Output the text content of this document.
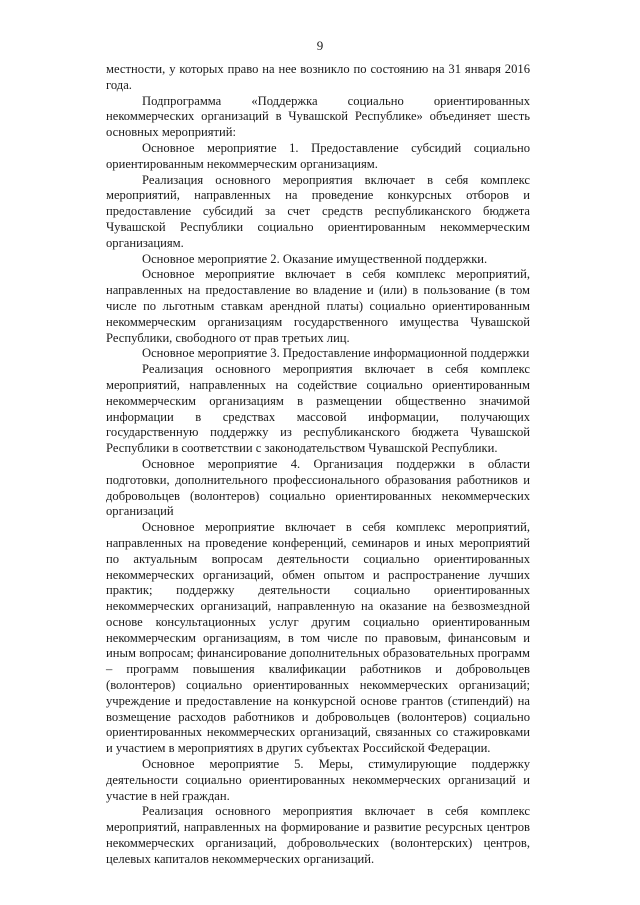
9

местности, у которых право на нее возникло по состоянию на 31 января 2016 года.

Подпрограмма «Поддержка социально ориентированных некоммерческих организаций в Чувашской Республике» объединяет шесть основных мероприятий:

Основное мероприятие 1. Предоставление субсидий социально ориентированным некоммерческим организациям.

Реализация основного мероприятия включает в себя комплекс мероприятий, направленных на проведение конкурсных отборов и предоставление субсидий за счет средств республиканского бюджета Чувашской Республики социально ориентированным некоммерческим организациям.

Основное мероприятие 2. Оказание имущественной поддержки.

Основное мероприятие включает в себя комплекс мероприятий, направленных на предоставление во владение и (или) в пользование (в том числе по льготным ставкам арендной платы) социально ориентированным некоммерческим организациям государственного имущества Чувашской Республики, свободного от прав третьих лиц.

Основное мероприятие 3. Предоставление информационной поддержки

Реализация основного мероприятия включает в себя комплекс мероприятий, направленных на содействие социально ориентированным некоммерческим организациям в размещении общественно значимой информации в средствах массовой информации, получающих государственную поддержку из республиканского бюджета Чувашской Республики в соответствии с законодательством Чувашской Республики.

Основное мероприятие 4. Организация поддержки в области подготовки, дополнительного профессионального образования работников и добровольцев (волонтеров) социально ориентированных некоммерческих организаций

Основное мероприятие включает в себя комплекс мероприятий, направленных на проведение конференций, семинаров и иных мероприятий по актуальным вопросам деятельности социально ориентированных некоммерческих организаций, обмен опытом и распространение лучших практик; поддержку деятельности социально ориентированных некоммерческих организаций, направленную на оказание на безвозмездной основе консультационных услуг другим социально ориентированным некоммерческим организациям, в том числе по правовым, финансовым и иным вопросам; финансирование дополнительных образовательных программ – программ повышения квалификации работников и добровольцев (волонтеров) социально ориентированных некоммерческих организаций; учреждение и предоставление на конкурсной основе грантов (стипендий) на возмещение расходов работников и добровольцев (волонтеров) социально ориентированных некоммерческих организаций, связанных со стажировками и участием в мероприятиях в других субъектах Российской Федерации.

Основное мероприятие 5. Меры, стимулирующие поддержку деятельности социально ориентированных некоммерческих организаций и участие в ней граждан.

Реализация основного мероприятия включает в себя комплекс мероприятий, направленных на формирование и развитие ресурсных центров некоммерческих организаций, добровольческих (волонтерских) центров, целевых капиталов некоммерческих организаций.
